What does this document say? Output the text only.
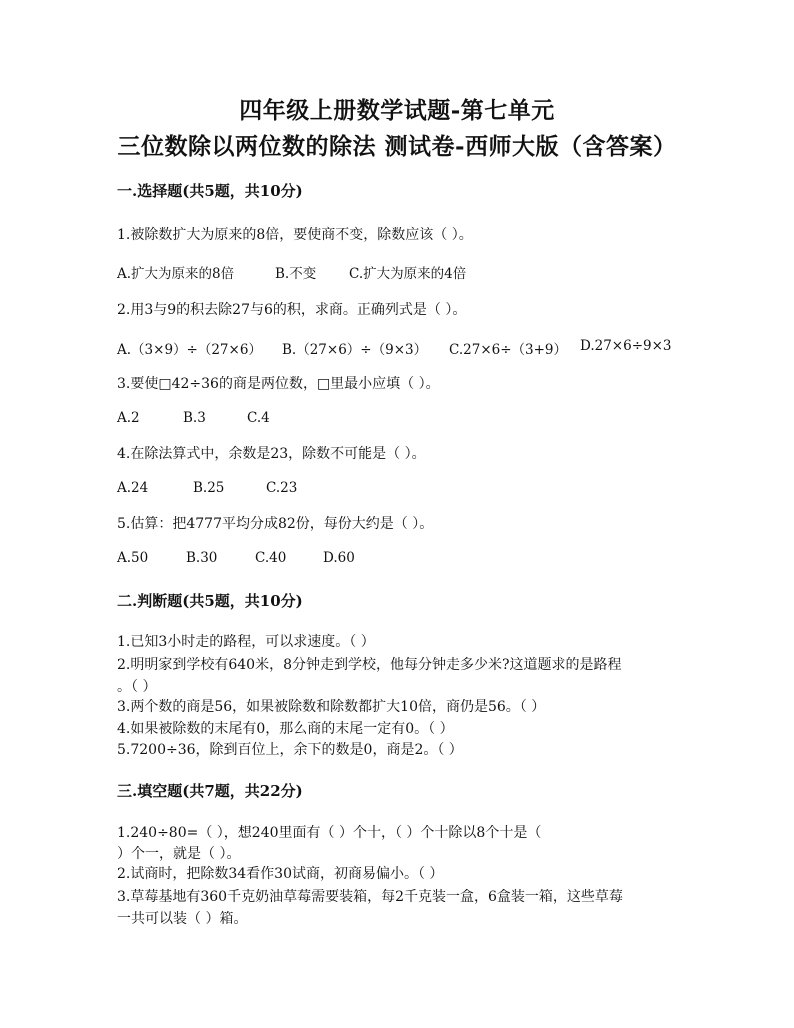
四年级上册数学试题-第七单元
三位数除以两位数的除法 测试卷-西师大版（含答案）
一.选择题(共5题，共10分)
1.被除数扩大为原来的8倍，要使商不变，除数应该（ ）。
A.扩大为原来的8倍	B.不变 C.扩大为原来的4倍
2.用3与9的积去除27与6的积，求商。正确列式是（ ）。
A.（3×9）÷（27×6） B.（27×6）÷（9×3） C.27×6÷（3+9） D.27×6÷9×3
3.要使□42÷36的商是两位数，□里最小应填（ ）。
A.2	B.3	C.4
4.在除法算式中，余数是23，除数不可能是（ ）。
A.24	B.25	C.23
5.估算：把4777平均分成82份，每份大约是（ ）。
A.50	B.30	C.40	D.60
二.判断题(共5题，共10分)
1.已知3小时走的路程，可以求速度。（ ）
2.明明家到学校有640米，8分钟走到学校，他每分钟走多少米?这道题求的是路程
。（ ）
3.两个数的商是56，如果被除数和除数都扩大10倍，商仍是56。（ ）
4.如果被除数的末尾有0，那么商的末尾一定有0。（ ）
5.7200÷36，除到百位上，余下的数是0，商是2。（ ）
三.填空题(共7题，共22分)
1.240÷80=（ ），想240里面有（ ）个十，（ ）个十除以8个十是（
）个一，就是（ ）。
2.试商时，把除数34看作30试商，初商易偏小。（ ）
3.草莓基地有360千克奶油草莓需要装箱，每2千克装一盒，6盒装一箱，这些草莓
一共可以装（ ）箱。
